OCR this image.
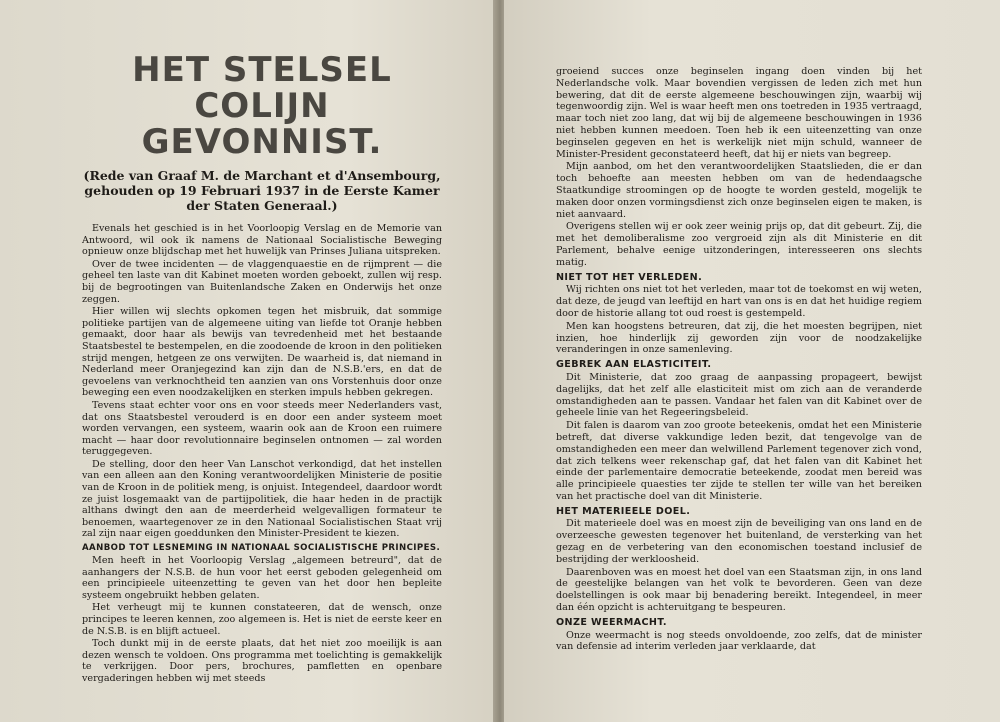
HET STELSEL COLIJN
GEVONNIST.
(Rede van Graaf M. de Marchant et d'Ansembourg, gehouden op 19 Februari 1937 in de Eerste Kamer der Staten Generaal.)

Evenals het geschied is in het Voorloopig Verslag en de Memorie van Antwoord, wil ook ik namens de Nationaal Socialistische Beweging opnieuw onze blijdschap met het huwelijk van Prinses Juliana uitspreken.

Over de twee incidenten — de vlaggenquaestie en de rijmprent — die geheel ten laste van dit Kabinet moeten worden geboekt, zullen wij resp. bij de begrootingen van Buitenlandsche Zaken en Onderwijs het onze zeggen.

Hier willen wij slechts opkomen tegen het misbruik, dat sommige politieke partijen van de algemeene uiting van liefde tot Oranje hebben gemaakt, door haar als bewijs van tevredenheid met het bestaande Staatsbestel te bestempelen, en die zoodoende de kroon in den politieken strijd mengen, hetgeen ze ons verwijten. De waarheid is, dat niemand in Nederland meer Oranjegezind kan zijn dan de N.S.B.'ers, en dat de gevoelens van verknochtheid ten aanzien van ons Vorstenhuis door onze beweging een even noodzakelijken en sterken impuls hebben gekregen.

Tevens staat echter voor ons en voor steeds meer Nederlanders vast, dat ons Staatsbestel verouderd is en door een ander systeem moet worden vervangen, een systeem, waarin ook aan de Kroon een ruimere macht — haar door revolutionnaire beginselen ontnomen — zal worden teruggegeven.

De stelling, door den heer Van Lanschot verkondigd, dat het instellen van een alleen aan den Koning verantwoordelijken Ministerie de positie van de Kroon in de politiek meng, is onjuist. Integendeel, daardoor wordt ze juist losgemaakt van de partijpolitiek, die haar heden in de practijk althans dwingt den aan de meerderheid welgevalligen formateur te benoemen, waartegenover ze in den Nationaal Socialistischen Staat vrij zal zijn naar eigen goeddunken den Minister-President te kiezen.

AANBOD TOT LESNEMING IN NATIONAAL SOCIALISTISCHE PRINCIPES.

Men heeft in het Voorloopig Verslag „algemeen betreurd", dat de aanhangers der N.S.B. de hun voor het eerst geboden gelegenheid om een principieele uiteenzetting te geven van het door hen bepleite systeem ongebruikt hebben gelaten.

Het verheugt mij te kunnen constateeren, dat de wensch, onze principes te leeren kennen, zoo algemeen is. Het is niet de eerste keer en de N.S.B. is en blijft actueel.

Toch dunkt mij in de eerste plaats, dat het niet zoo moeilijk is aan dezen wensch te voldoen. Ons programma met toelichting is gemakkelijk te verkrijgen. Door pers, brochures, pamfletten en openbare vergaderingen hebben wij met steeds

groeiend succes onze beginselen ingang doen vinden bij het Nederlandsche volk. Maar bovendien vergissen de leden zich met hun bewering, dat dit de eerste algemeene beschouwingen zijn, waarbij wij tegenwoordig zijn. Wel is waar heeft men ons toetreden in 1935 vertraagd, maar toch niet zoo lang, dat wij bij de algemeene beschouwingen in 1936 niet hebben kunnen meedoen. Toen heb ik een uiteenzetting van onze beginselen gegeven en het is werkelijk niet mijn schuld, wanneer de Minister-President geconstateerd heeft, dat hij er niets van begreep.

Mijn aanbod, om het den verantwoordelijken Staatslieden, die er dan toch behoefte aan meesten hebben om van de hedendaagsche Staatkundige stroomingen op de hoogte te worden gesteld, mogelijk te maken door onzen vormingsdienst zich onze beginselen eigen te maken, is niet aanvaard.

Overigens stellen wij er ook zeer weinig prijs op, dat dit gebeurt. Zij, die met het demoliberalisme zoo vergroeid zijn als dit Ministerie en dit Parlement, behalve eenige uitzonderingen, interesseeren ons slechts matig.

NIET TOT HET VERLEDEN.

Wij richten ons niet tot het verleden, maar tot de toekomst en wij weten, dat deze, de jeugd van leeftijd en hart van ons is en dat het huidige regiem door de historie allang tot oud roest is gestempeld.

Men kan hoogstens betreuren, dat zij, die het moesten begrijpen, niet inzien, hoe hinderlijk zij geworden zijn voor de noodzakelijke veranderingen in onze samenleving.

GEBREK AAN ELASTICITEIT.

Dit Ministerie, dat zoo graag de aanpassing propageert, bewijst dagelijks, dat het zelf alle elasticiteit mist om zich aan de veranderde omstandigheden aan te passen. Vandaar het falen van dit Kabinet over de geheele linie van het Regeeringsbeleid.

Dit falen is daarom van zoo groote beteekenis, omdat het een Ministerie betreft, dat diverse vakkundige leden bezit, dat tengevolge van de omstandigheden een meer dan welwillend Parlement tegenover zich vond, dat zich telkens weer rekenschap gaf, dat het falen van dit Kabinet het einde der parlementaire democratie beteekende, zoodat men bereid was alle principieele quaesties ter zijde te stellen ter wille van het bereiken van het practische doel van dit Ministerie.

HET MATERIEELE DOEL.

Dit materieele doel was en moest zijn de beveiliging van ons land en de overzeesche gewesten tegenover het buitenland, de versterking van het gezag en de verbetering van den economischen toestand inclusief de bestrijding der werkloosheid.

Daarenboven was en moest het doel van een Staatsman zijn, in ons land de geestelijke belangen van het volk te bevorderen. Geen van deze doelstellingen is ook maar bij benadering bereikt. Integendeel, in meer dan één opzicht is achteruitgang te bespeuren.

ONZE WEERMACHT.

Onze weermacht is nog steeds onvoldoende, zoo zelfs, dat de minister van defensie ad interim verleden jaar verklaarde, dat
